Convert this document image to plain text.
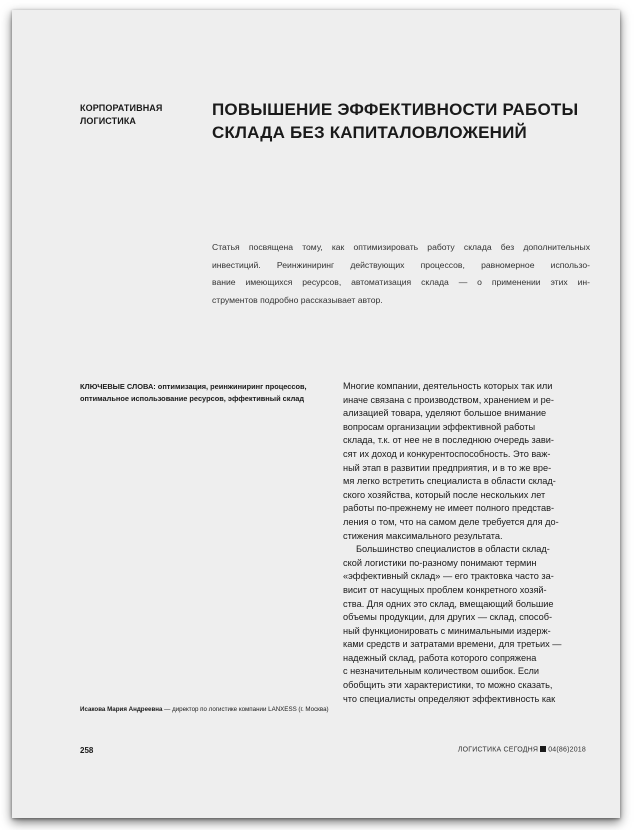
КОРПОРАТИВНАЯ
ЛОГИСТИКА
ПОВЫШЕНИЕ ЭФФЕКТИВНОСТИ РАБОТЫ
СКЛАДА БЕЗ КАПИТАЛОВЛОЖЕНИЙ
Статья посвящена тому, как оптимизировать работу склада без дополнительных
инвестиций. Реинжиниринг действующих процессов, равномерное использо-
вание имеющихся ресурсов, автоматизация склада — о применении этих ин-
струментов подробно рассказывает автор.
КЛЮЧЕВЫЕ СЛОВА: оптимизация, реинжиниринг процессов,
оптимальное использование ресурсов, эффективный склад
Исакова Мария Андреевна — директор по логистике компании LANXESS (г. Москва)
Многие компании, деятельность которых так или
иначе связана с производством, хранением и ре-
ализацией товара, уделяют большое внимание
вопросам организации эффективной работы
склада, т.к. от нее не в последнюю очередь зави-
сят их доход и конкурентоспособность. Это важ-
ный этап в развитии предприятия, и в то же вре-
мя легко встретить специалиста в области склад-
ского хозяйства, который после нескольких лет
работы по-прежнему не имеет полного представ-
ления о том, что на самом деле требуется для до-
стижения максимального результата.
Большинство специалистов в области склад-
ской логистики по-разному понимают термин
«эффективный склад» — его трактовка часто за-
висит от насущных проблем конкретного хозяй-
ства. Для одних это склад, вмещающий большие
объемы продукции, для других — склад, способ-
ный функционировать с минимальными издерж-
ками средств и затратами времени, для третьих —
надежный склад, работа которого сопряжена
с незначительным количеством ошибок. Если
обобщить эти характеристики, то можно сказать,
что специалисты определяют эффективность как
258	ЛОГИСТИКА СЕГОДНЯ 04(86)2018
